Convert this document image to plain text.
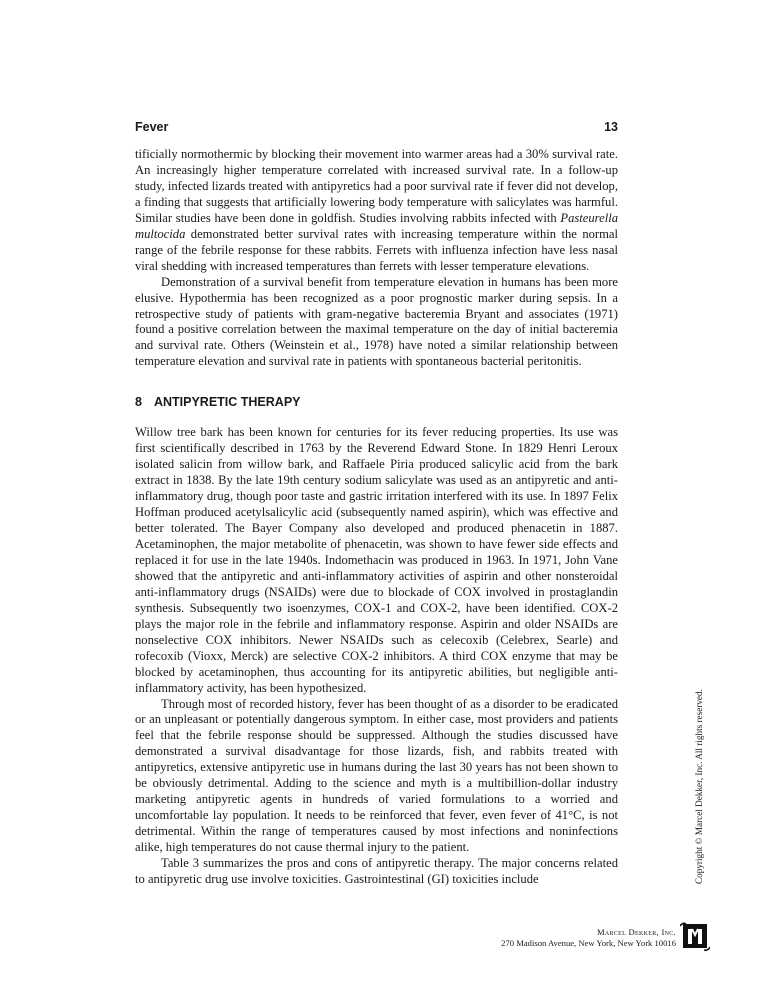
Fever	13

tificially normothermic by blocking their movement into warmer areas had a 30% survival rate. An increasingly higher temperature correlated with increased survival rate. In a follow-up study, infected lizards treated with antipyretics had a poor survival rate if fever did not develop, a finding that suggests that artificially lowering body temperature with salicylates was harmful. Similar studies have been done in goldfish. Studies involving rabbits infected with Pasteurella multocida demonstrated better survival rates with increasing temperature within the normal range of the febrile response for these rabbits. Ferrets with influenza infection have less nasal viral shedding with increased temperatures than ferrets with lesser temperature elevations.

Demonstration of a survival benefit from temperature elevation in humans has been more elusive. Hypothermia has been recognized as a poor prognostic marker during sepsis. In a retrospective study of patients with gram-negative bacteremia Bryant and associates (1971) found a positive correlation between the maximal temperature on the day of initial bacteremia and survival rate. Others (Weinstein et al., 1978) have noted a similar relationship between temperature elevation and survival rate in patients with spontaneous bacterial peritonitis.

8 ANTIPYRETIC THERAPY

Willow tree bark has been known for centuries for its fever reducing properties. Its use was first scientifically described in 1763 by the Reverend Edward Stone. In 1829 Henri Leroux isolated salicin from willow bark, and Raffaele Piria produced salicylic acid from the bark extract in 1838. By the late 19th century sodium salicylate was used as an antipyretic and anti-inflammatory drug, though poor taste and gastric irritation interfered with its use. In 1897 Felix Hoffman produced acetylsalicylic acid (subsequently named aspirin), which was effective and better tolerated. The Bayer Company also developed and produced phenacetin in 1887. Acetaminophen, the major metabolite of phenacetin, was shown to have fewer side effects and replaced it for use in the late 1940s. Indomethacin was produced in 1963. In 1971, John Vane showed that the antipyretic and anti-inflammatory activities of aspirin and other nonsteroidal anti-inflammatory drugs (NSAIDs) were due to blockade of COX involved in prostaglandin synthesis. Subsequently two isoenzymes, COX-1 and COX-2, have been identified. COX-2 plays the major role in the febrile and inflammatory response. Aspirin and older NSAIDs are nonselective COX inhibitors. Newer NSAIDs such as celecoxib (Celebrex, Searle) and rofecoxib (Vioxx, Merck) are selective COX-2 inhibitors. A third COX enzyme that may be blocked by acetaminophen, thus accounting for its antipyretic abilities, but negligible anti-inflammatory activity, has been hypothesized.

Through most of recorded history, fever has been thought of as a disorder to be eradicated or an unpleasant or potentially dangerous symptom. In either case, most providers and patients feel that the febrile response should be suppressed. Although the studies discussed have demonstrated a survival disadvantage for those lizards, fish, and rabbits treated with antipyretics, extensive antipyretic use in humans during the last 30 years has not been shown to be obviously detrimental. Adding to the science and myth is a multibillion-dollar industry marketing antipyretic agents in hundreds of varied formulations to a worried and uncomfortable lay population. It needs to be reinforced that fever, even fever of 41°C, is not detrimental. Within the range of temperatures caused by most infections and noninfections alike, high temperatures do not cause thermal injury to the patient.

Table 3 summarizes the pros and cons of antipyretic therapy. The major concerns related to antipyretic drug use involve toxicities. Gastrointestinal (GI) toxicities include	Copyright © Marcel Dekker, Inc. All rights reserved.
Marcel Dekker, Inc.
270 Madison Avenue, New York, New York 10016
